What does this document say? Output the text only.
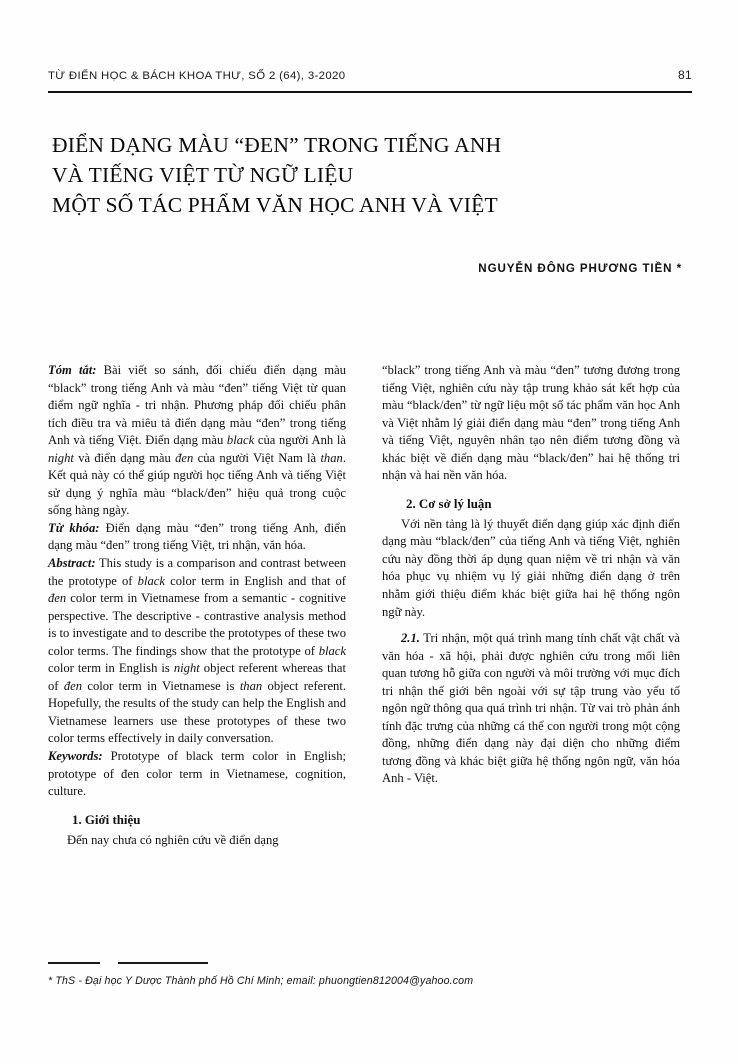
TỪ ĐIỂN HỌC & BÁCH KHOA THƯ, SỐ 2 (64), 3-2020	81
ĐIỂN DẠNG MÀU “ĐEN” TRONG TIẾNG ANH
VÀ TIẾNG VIỆT TỪ NGỮ LIỆU
MỘT SỐ TÁC PHẨM VĂN HỌC ANH VÀ VIỆT
NGUYỄN ĐÔNG PHƯƠNG TIỀN *

Tóm tắt: Bài viết so sánh, đối chiếu điển dạng màu “black” trong tiếng Anh và màu “đen” tiếng Việt từ quan điểm ngữ nghĩa - tri nhận. Phương pháp đối chiếu phân tích điều tra và miêu tả điển dạng màu “đen” trong tiếng Anh và tiếng Việt. Điển dạng màu black của người Anh là night và điển dạng màu đen của người Việt Nam là than. Kết quả này có thể giúp người học tiếng Anh và tiếng Việt sử dụng ý nghĩa màu “black/đen” hiệu quả trong cuộc sống hàng ngày.

Từ khóa: Điển dạng màu “đen” trong tiếng Anh, điển dạng màu “đen” trong tiếng Việt, tri nhận, văn hóa.

Abstract: This study is a comparison and contrast between the prototype of black color term in English and that of đen color term in Vietnamese from a semantic - cognitive perspective. The descriptive - contrastive analysis method is to investigate and to describe the prototypes of these two color terms. The findings show that the prototype of black color term in English is night object referent whereas that of đen color term in Vietnamese is than object referent. Hopefully, the results of the study can help the English and Vietnamese learners use these prototypes of these two color terms effectively in daily conversation.

Keywords: Prototype of black term color in English; prototype of đen color term in Vietnamese, cognition, culture.

1. Giới thiệu

Đến nay chưa có nghiên cứu về điển dạng

“black” trong tiếng Anh và màu “đen” tương đương trong tiếng Việt, nghiên cứu này tập trung khảo sát kết hợp của màu “black/đen” từ ngữ liệu một số tác phẩm văn học Anh và Việt nhằm lý giải điển dạng màu “đen” trong tiếng Anh và tiếng Việt, nguyên nhân tạo nên điểm tương đồng và khác biệt về điển dạng màu “black/đen” hai hệ thống tri nhận và hai nền văn hóa.

2. Cơ sở lý luận

Với nền tảng là lý thuyết điển dạng giúp xác định điển dạng màu “black/đen” của tiếng Anh và tiếng Việt, nghiên cứu này đồng thời áp dụng quan niệm về tri nhận và văn hóa phục vụ nhiệm vụ lý giải những điển dạng ở trên nhằm giới thiệu điểm khác biệt giữa hai hệ thống ngôn ngữ này.

2.1. Tri nhận, một quá trình mang tính chất vật chất và văn hóa - xã hội, phải được nghiên cứu trong mối liên quan tương hỗ giữa con người và môi trường với mục đích tri nhận thế giới bên ngoài với sự tập trung vào yếu tố ngôn ngữ thông qua quá trình tri nhận. Từ vai trò phản ánh tính đặc trưng của những cá thể con người trong một cộng đồng, những điển dạng này đại diện cho những điểm tương đồng và khác biệt giữa hệ thống ngôn ngữ, văn hóa Anh - Việt.

* ThS - Đại học Y Dược Thành phố Hồ Chí Minh; email: phuongtien812004@yahoo.com
